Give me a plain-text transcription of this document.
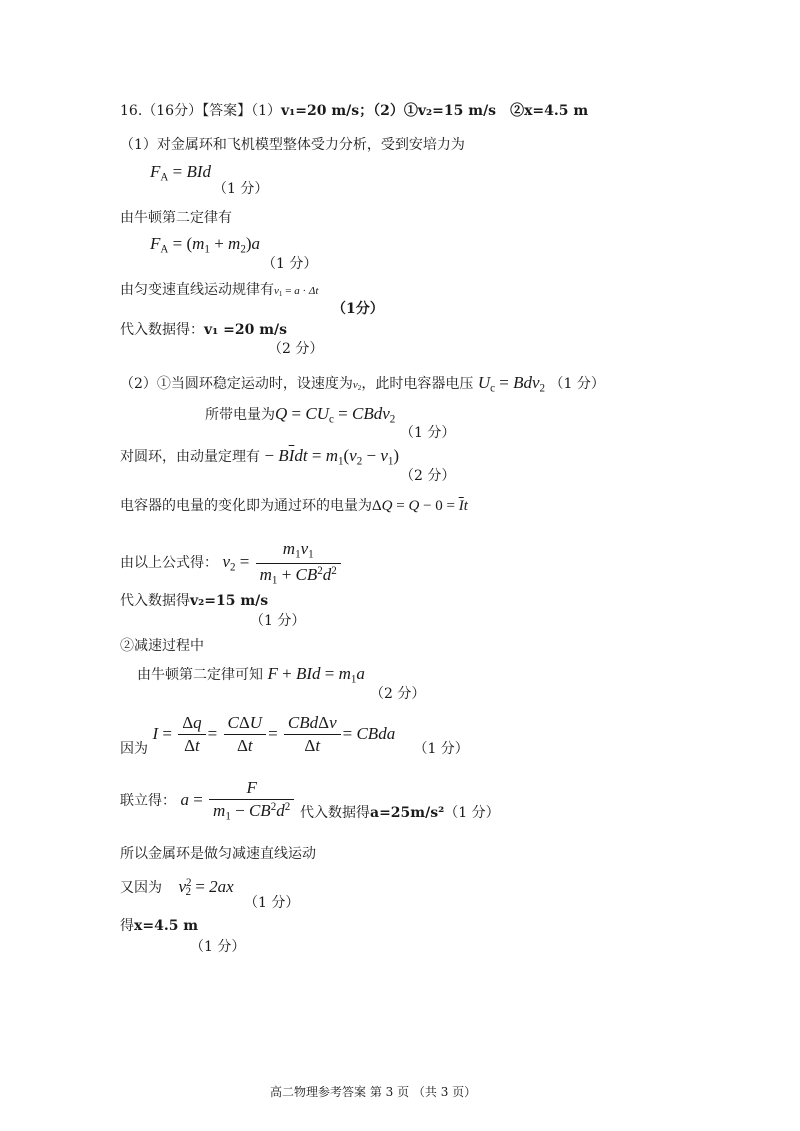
16.（16分）【答案】（1）v₁=20 m/s；（2）①v₂=15 m/s　②x=4.5 m
（1）对金属环和飞机模型整体受力分析，受到安培力为
$F_A$ = BId
（1 分）
由牛顿第二定律有
$F_A = (m_1 + m_2)a$
（1 分）
由匀变速直线运动规律有$v_1 = a \cdot \Delta t$
（1分）
代入数据得：v₁ =20 m/s
（2 分）
（2）①当圆环稳定运动时，设速度为$v_2$，此时电容器电压 $U_c = Bdv_2$ （1 分）
所带电量为$Q = CU_c$ = CBdv$_2$
（1 分）
对圆环，由动量定理有 − $B\overline{I}dt = m_1(v_2 - v_1)$
（2 分）
电容器的电量的变化即为通过环的电量为$\Delta Q = Q - 0 = \overline{I}t$
由以上公式得： $v_2 = \frac{m_1v_1}{m_1 + CB^2d^2}$
代入数据得v₂=15 m/s
（1 分）
②减速过程中
由牛顿第二定律可知 F + BId = $m_1a$
（2 分）
因为 $I = \frac{\Delta q}{\Delta t} = \frac{\text{CΔU}}{\Delta t} = \frac{\text{CBdΔv}}{\Delta t}$ = CBda （1 分）
联立得： $a = \frac{F}{m_1 - CB^2d^2}$ 代入数据得a=25m/s²（1 分）
所以金属环是做匀减速直线运动
又因为 $v^2_2 = 2ax$
（1 分）
得x=4.5 m
（1 分）
高二物理参考答案 第 3 页 （共 3 页）
